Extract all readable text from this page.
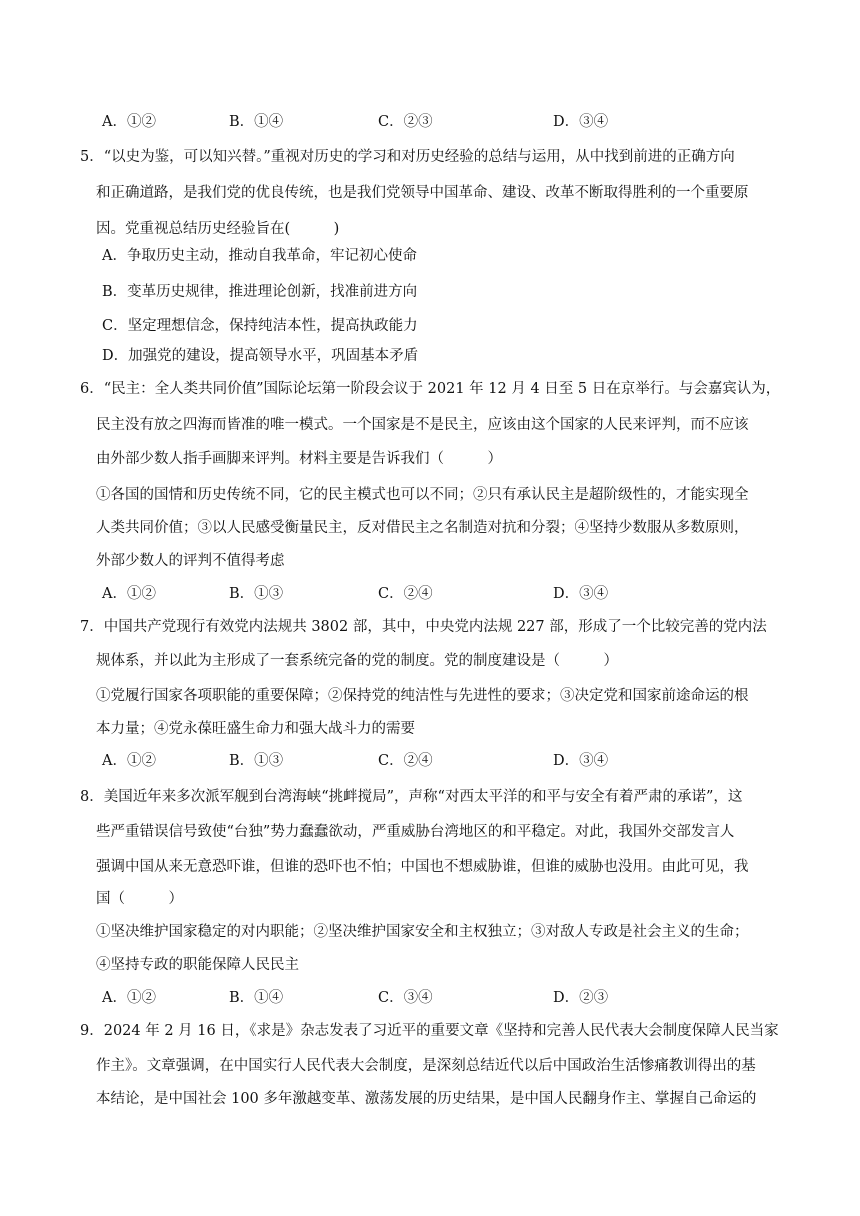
A．①②	B．①④	C．②③	D．③④
5．“以史为鉴，可以知兴替。”重视对历史的学习和对历史经验的总结与运用，从中找到前进的正确方向
和正确道路，是我们党的优良传统，也是我们党领导中国革命、建设、改革不断取得胜利的一个重要原
因。党重视总结历史经验旨在(　　　)
A．争取历史主动，推动自我革命，牢记初心使命
B．变革历史规律，推进理论创新，找准前进方向
C．坚定理想信念，保持纯洁本性，提高执政能力
D．加强党的建设，提高领导水平，巩固基本矛盾
6．“民主：全人类共同价值”国际论坛第一阶段会议于 2021 年 12 月 4 日至 5 日在京举行。与会嘉宾认为，
民主没有放之四海而皆准的唯一模式。一个国家是不是民主，应该由这个国家的人民来评判，而不应该
由外部少数人指手画脚来评判。材料主要是告诉我们（　　　）
①各国的国情和历史传统不同，它的民主模式也可以不同；②只有承认民主是超阶级性的，才能实现全
人类共同价值；③以人民感受衡量民主，反对借民主之名制造对抗和分裂；④坚持少数服从多数原则，
外部少数人的评判不值得考虑
A．①②	B．①③	C．②④	D．③④
7．中国共产党现行有效党内法规共 3802 部，其中，中央党内法规 227 部，形成了一个比较完善的党内法
规体系，并以此为主形成了一套系统完备的党的制度。党的制度建设是（　　　）
①党履行国家各项职能的重要保障；②保持党的纯洁性与先进性的要求；③决定党和国家前途命运的根
本力量；④党永葆旺盛生命力和强大战斗力的需要
A．①②	B．①③	C．②④	D．③④
8．美国近年来多次派军舰到台湾海峡“挑衅搅局”，声称“对西太平洋的和平与安全有着严肃的承诺”，这
些严重错误信号致使“台独”势力蠢蠢欲动，严重威胁台湾地区的和平稳定。对此，我国外交部发言人
强调中国从来无意恐吓谁，但谁的恐吓也不怕；中国也不想威胁谁，但谁的威胁也没用。由此可见，我
国（　　　）
①坚决维护国家稳定的对内职能；②坚决维护国家安全和主权独立；③对敌人专政是社会主义的生命；
④坚持专政的职能保障人民民主
A．①②	B．①④	C．③④	D．②③
9．2024 年 2 月 16 日，《求是》杂志发表了习近平的重要文章《坚持和完善人民代表大会制度保障人民当家
作主》。文章强调，在中国实行人民代表大会制度，是深刻总结近代以后中国政治生活惨痛教训得出的基
本结论，是中国社会 100 多年激越变革、激荡发展的历史结果，是中国人民翻身作主、掌握自己命运的
